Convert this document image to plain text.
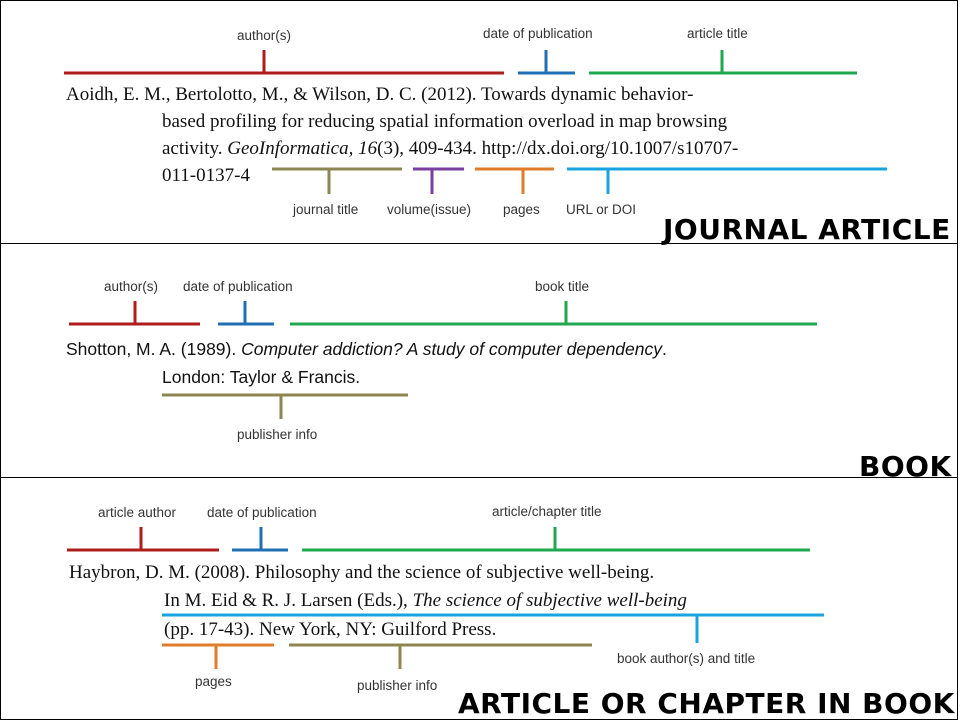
author(s)	date of publication	article title
Aoidh, E. M., Bertolotto, M., & Wilson, D. C. (2012). Towards dynamic behavior-
based profiling for reducing spatial information overload in map browsing
activity. GeoInformatica, 16(3), 409-434. http://dx.doi.org/10.1007/s10707-
011-0137-4
journal title volume(issue) pages URL or DOI
JOURNAL ARTICLE
author(s) date of publication	book title
Shotton, M. A. (1989). Computer addiction? A study of computer dependency.
London: Taylor & Francis.
publisher info
BOOK
article author date of publication	article/chapter title
Haybron, D. M. (2008). Philosophy and the science of subjective well-being.
In M. Eid & R. J. Larsen (Eds.), The science of subjective well-being
(pp. 17-43). New York, NY: Guilford Press.
book author(s) and title
pages	publisher info
ARTICLE OR CHAPTER IN BOOK
